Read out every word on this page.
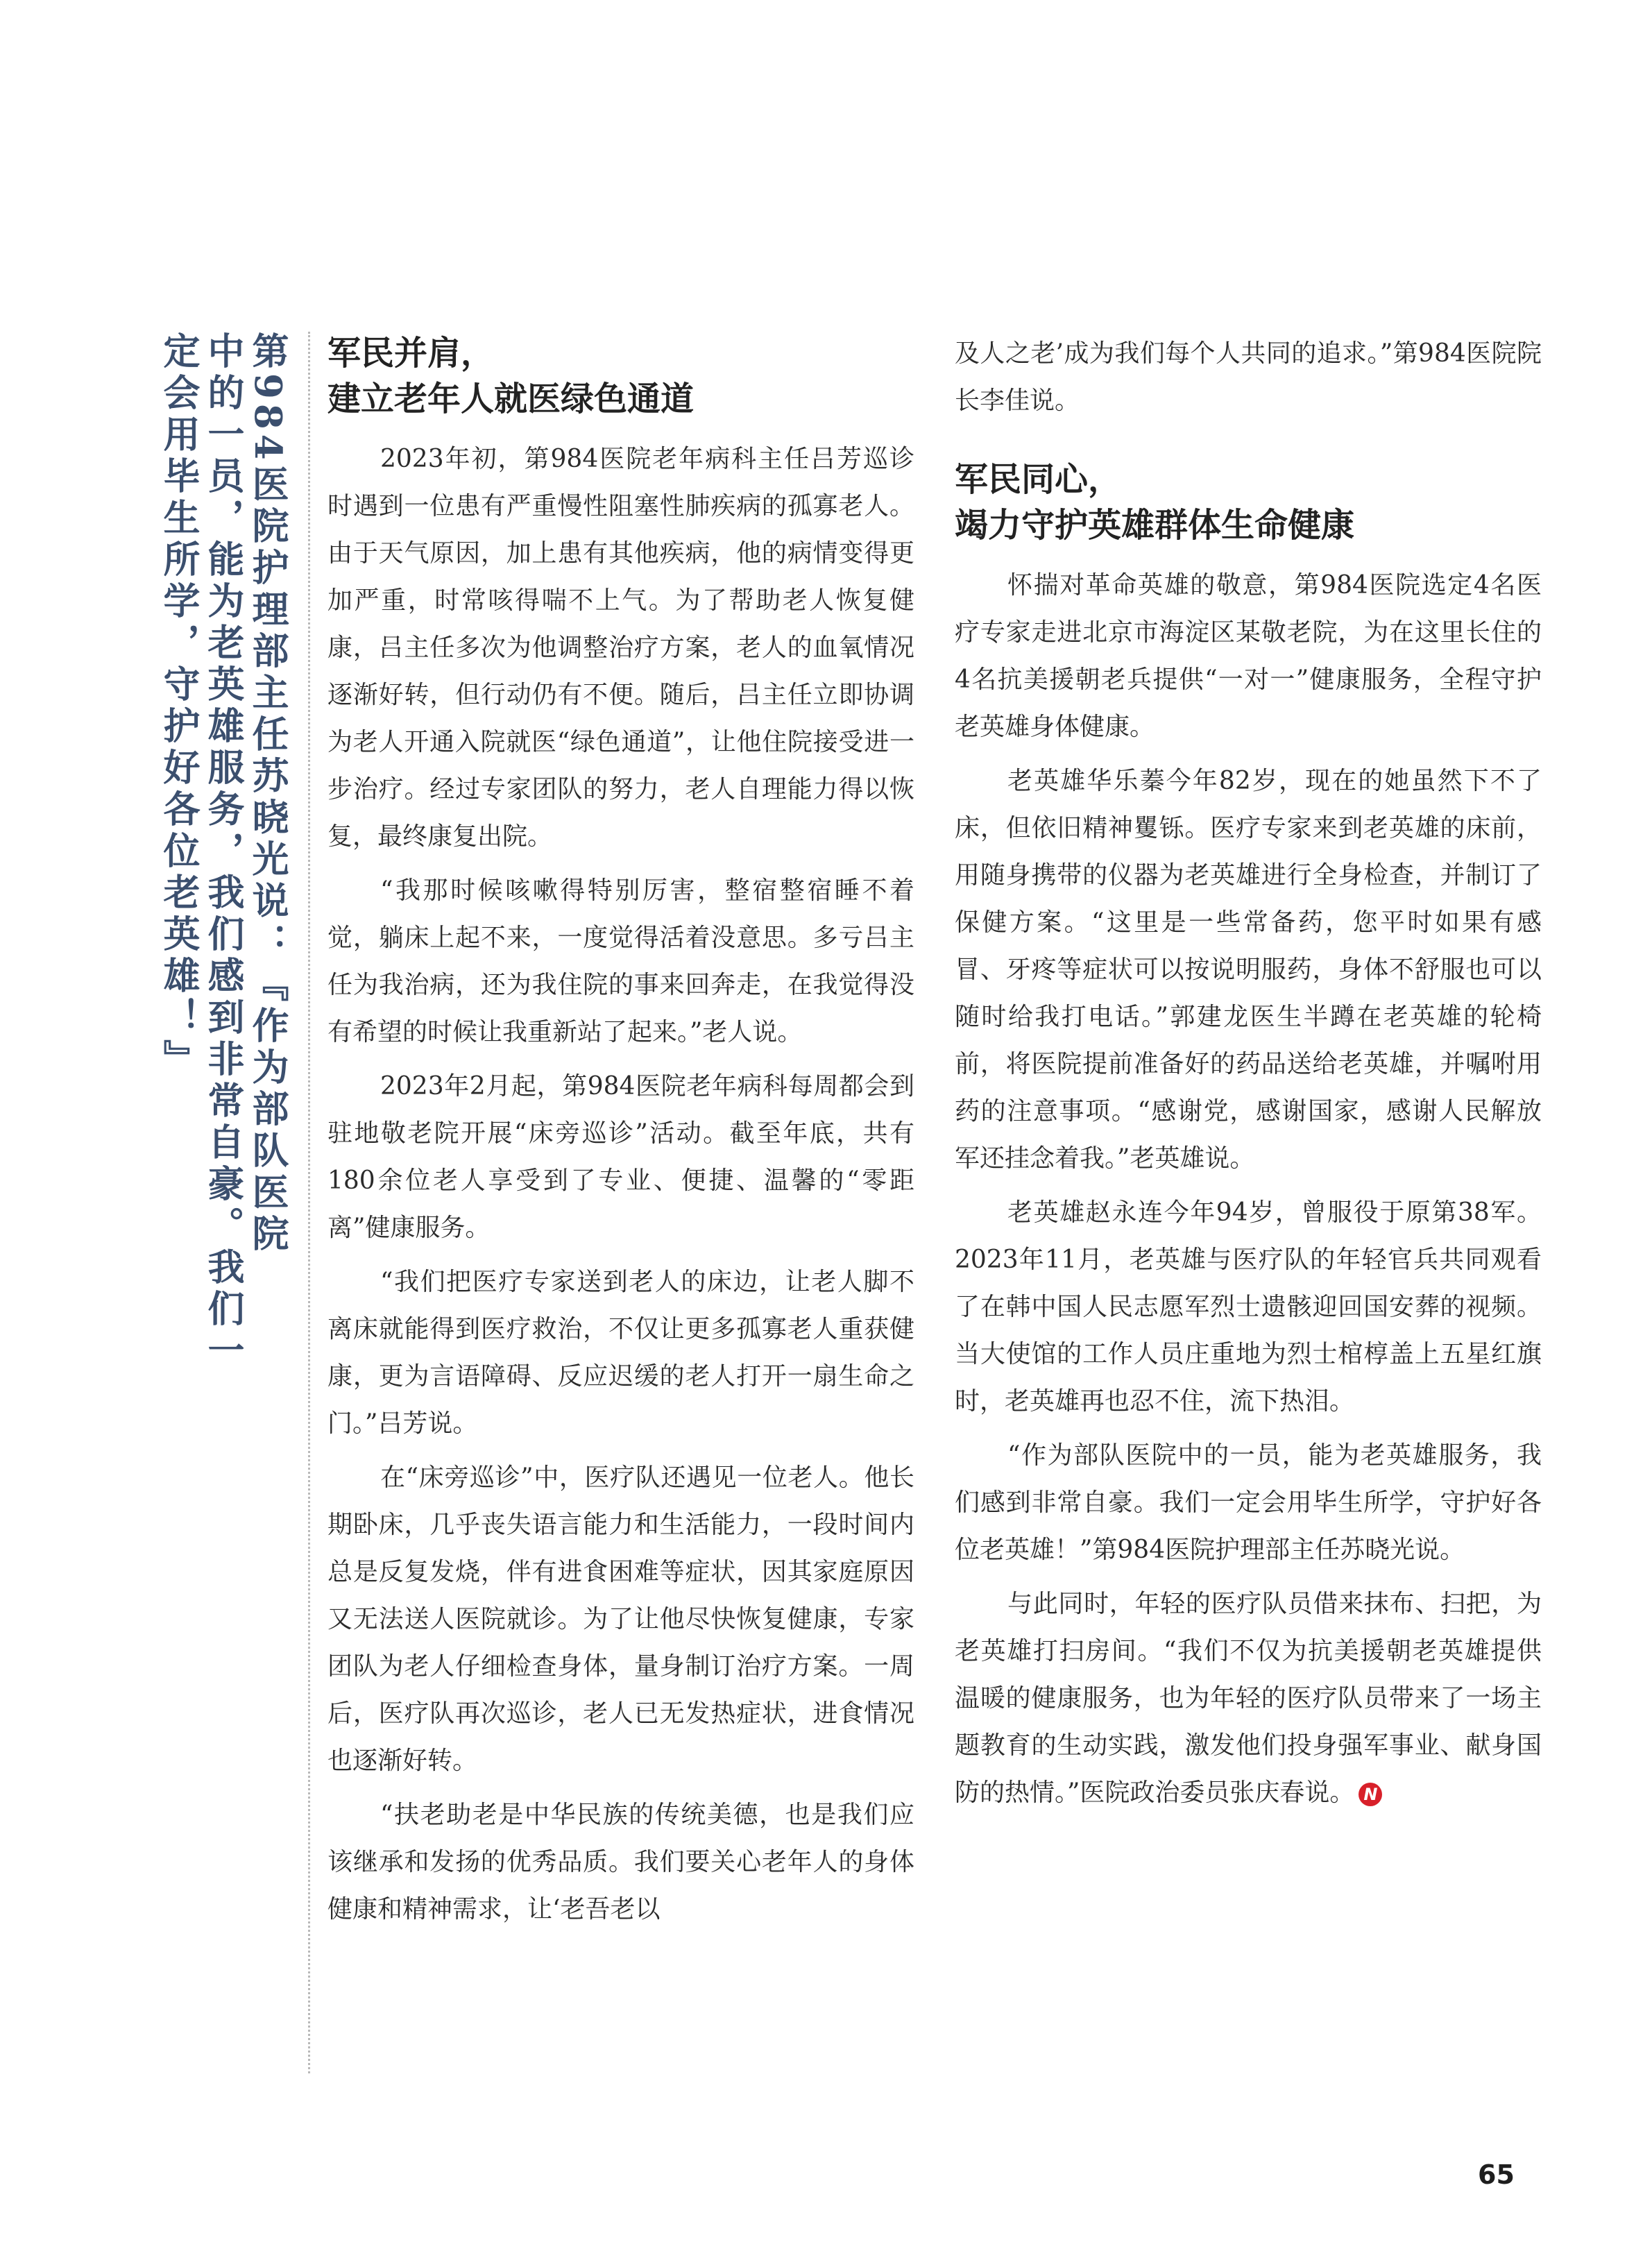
第984医院护理部主任苏晓光说：『作为部队医院
中的一员，能为老英雄服务，我们感到非常自豪。我们一
定会用毕生所学，守护好各位老英雄！』	军民并肩，
建立老年人就医绿色通道

2023年初，第984医院老年病科主任吕芳巡诊时遇到一位患有严重慢性阻塞性肺疾病的孤寡老人。由于天气原因，加上患有其他疾病，他的病情变得更加严重，时常咳得喘不上气。为了帮助老人恢复健康，吕主任多次为他调整治疗方案，老人的血氧情况逐渐好转，但行动仍有不便。随后，吕主任立即协调为老人开通入院就医“绿色通道”，让他住院接受进一步治疗。经过专家团队的努力，老人自理能力得以恢复，最终康复出院。

“我那时候咳嗽得特别厉害，整宿整宿睡不着觉，躺床上起不来，一度觉得活着没意思。多亏吕主任为我治病，还为我住院的事来回奔走，在我觉得没有希望的时候让我重新站了起来。”老人说。

2023年2月起，第984医院老年病科每周都会到驻地敬老院开展“床旁巡诊”活动。截至年底，共有180余位老人享受到了专业、便捷、温馨的“零距离”健康服务。

“我们把医疗专家送到老人的床边，让老人脚不离床就能得到医疗救治，不仅让更多孤寡老人重获健康，更为言语障碍、反应迟缓的老人打开一扇生命之门。”吕芳说。

在“床旁巡诊”中，医疗队还遇见一位老人。他长期卧床，几乎丧失语言能力和生活能力，一段时间内总是反复发烧，伴有进食困难等症状，因其家庭原因又无法送人医院就诊。为了让他尽快恢复健康，专家团队为老人仔细检查身体，量身制订治疗方案。一周后，医疗队再次巡诊，老人已无发热症状，进食情况也逐渐好转。

“扶老助老是中华民族的传统美德，也是我们应该继承和发扬的优秀品质。我们要关心老年人的身体健康和精神需求，让‘老吾老以

及人之老’成为我们每个人共同的追求。”第984医院院长李佳说。

军民同心，
竭力守护英雄群体生命健康

怀揣对革命英雄的敬意，第984医院选定4名医疗专家走进北京市海淀区某敬老院，为在这里长住的4名抗美援朝老兵提供“一对一”健康服务，全程守护老英雄身体健康。

老英雄华乐蓁今年82岁，现在的她虽然下不了床，但依旧精神矍铄。医疗专家来到老英雄的床前，用随身携带的仪器为老英雄进行全身检查，并制订了保健方案。“这里是一些常备药，您平时如果有感冒、牙疼等症状可以按说明服药，身体不舒服也可以随时给我打电话。”郭建龙医生半蹲在老英雄的轮椅前，将医院提前准备好的药品送给老英雄，并嘱咐用药的注意事项。“感谢党，感谢国家，感谢人民解放军还挂念着我。”老英雄说。

老英雄赵永连今年94岁，曾服役于原第38军。2023年11月，老英雄与医疗队的年轻官兵共同观看了在韩中国人民志愿军烈士遗骸迎回国安葬的视频。当大使馆的工作人员庄重地为烈士棺椁盖上五星红旗时，老英雄再也忍不住，流下热泪。

“作为部队医院中的一员，能为老英雄服务，我们感到非常自豪。我们一定会用毕生所学，守护好各位老英雄！”第984医院护理部主任苏晓光说。

与此同时，年轻的医疗队员借来抹布、扫把，为老英雄打扫房间。“我们不仅为抗美援朝老英雄提供温暖的健康服务，也为年轻的医疗队员带来了一场主题教育的生动实践，激发他们投身强军事业、献身国防的热情。”医院政治委员张庆春说。 N

65
